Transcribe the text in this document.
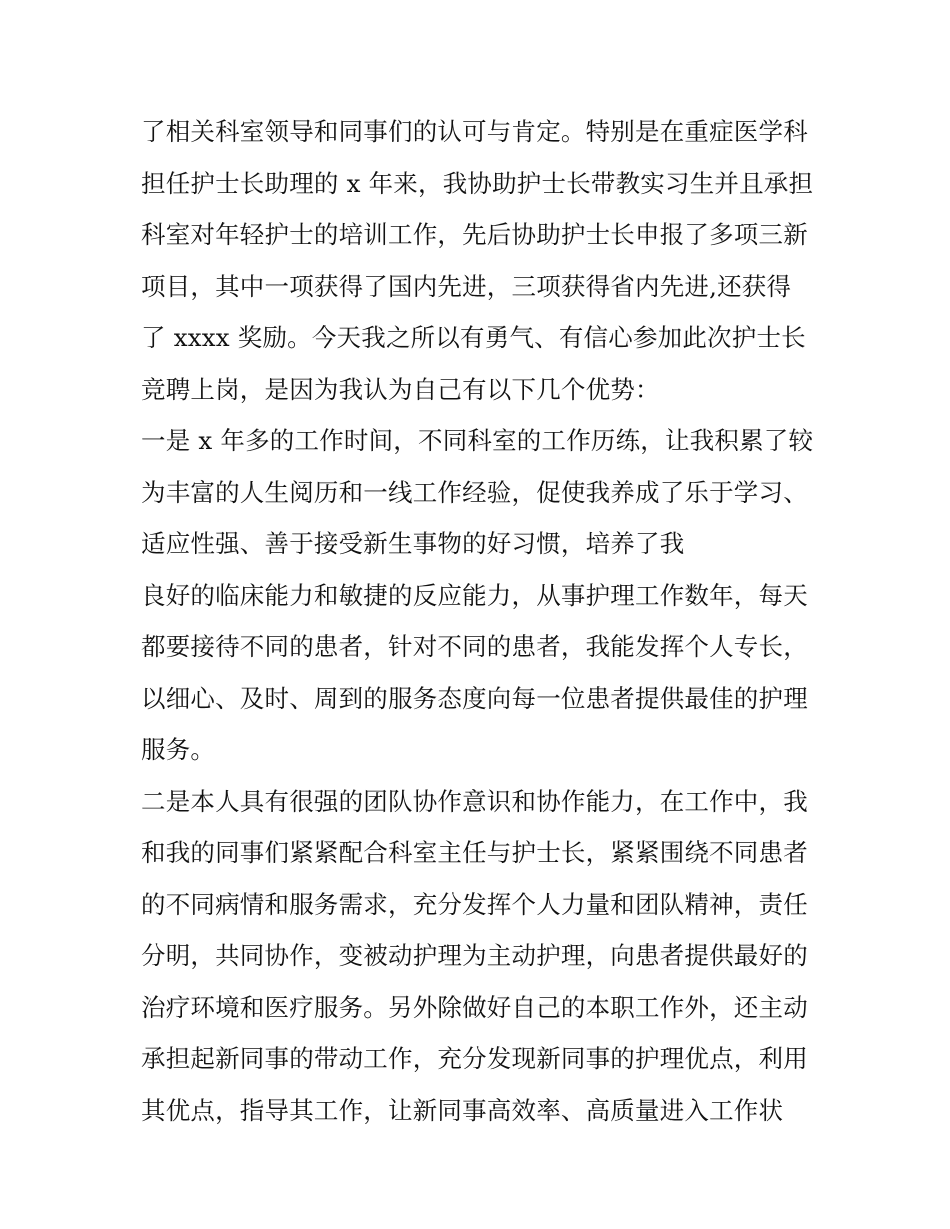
了相关科室领导和同事们的认可与肯定。特别是在重症医学科
担任护士长助理的 x 年来，我协助护士长带教实习生并且承担
科室对年轻护士的培训工作，先后协助护士长申报了多项三新
项目，其中一项获得了国内先进，三项获得省内先进,还获得
了 xxxx 奖励。今天我之所以有勇气、有信心参加此次护士长
竞聘上岗，是因为我认为自己有以下几个优势：
一是 x 年多的工作时间，不同科室的工作历练，让我积累了较
为丰富的人生阅历和一线工作经验，促使我养成了乐于学习、
适应性强、善于接受新生事物的好习惯，培养了我
良好的临床能力和敏捷的反应能力，从事护理工作数年，每天
都要接待不同的患者，针对不同的患者，我能发挥个人专长，
以细心、及时、周到的服务态度向每一位患者提供最佳的护理
服务。
二是本人具有很强的团队协作意识和协作能力，在工作中，我
和我的同事们紧紧配合科室主任与护士长，紧紧围绕不同患者
的不同病情和服务需求，充分发挥个人力量和团队精神，责任
分明，共同协作，变被动护理为主动护理，向患者提供最好的
治疗环境和医疗服务。另外除做好自己的本职工作外，还主动
承担起新同事的带动工作，充分发现新同事的护理优点，利用
其优点，指导其工作，让新同事高效率、高质量进入工作状
